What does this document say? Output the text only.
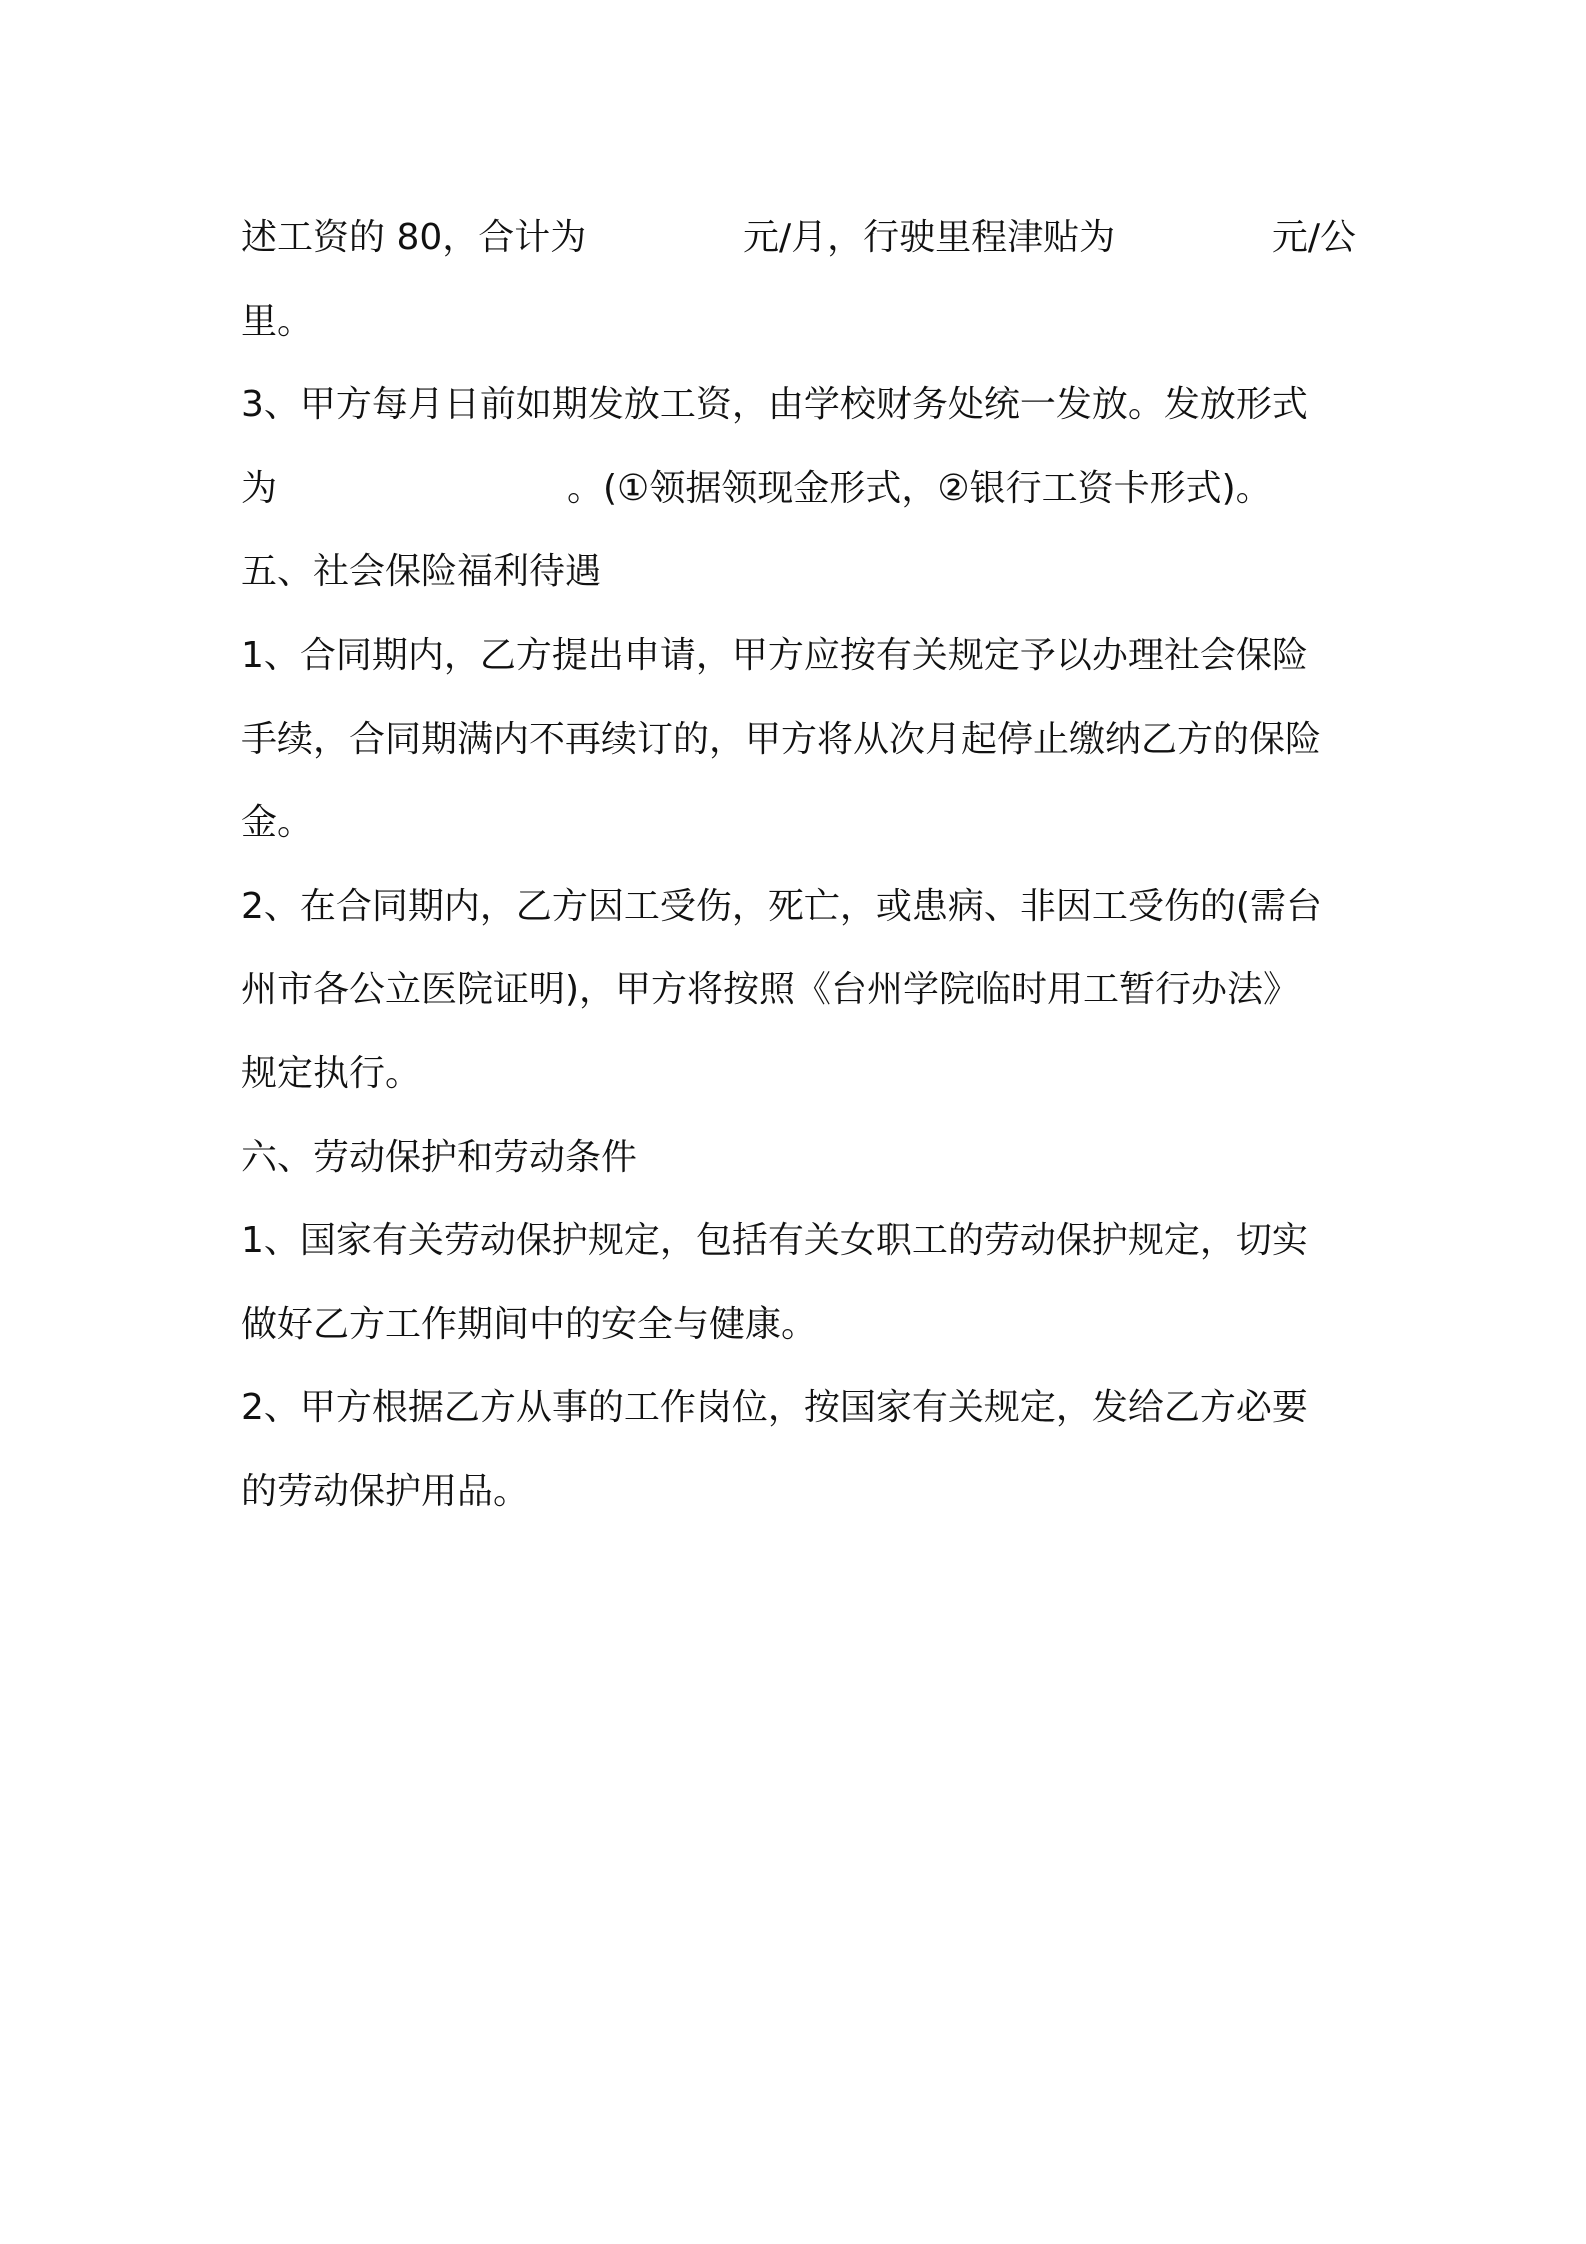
述工资的 80，合计为	元/月，行驶里程津贴为	元/公
里。
3、甲方每月日前如期发放工资，由学校财务处统一发放。发放形式
为	。(①领据领现金形式，②银行工资卡形式)。
五、社会保险福利待遇
1、合同期内，乙方提出申请，甲方应按有关规定予以办理社会保险
手续，合同期满内不再续订的，甲方将从次月起停止缴纳乙方的保险
金。
2、在合同期内，乙方因工受伤，死亡，或患病、非因工受伤的(需台
州市各公立医院证明)，甲方将按照《台州学院临时用工暂行办法》
规定执行。
六、劳动保护和劳动条件
1、国家有关劳动保护规定，包括有关女职工的劳动保护规定，切实
做好乙方工作期间中的安全与健康。
2、甲方根据乙方从事的工作岗位，按国家有关规定，发给乙方必要
的劳动保护用品。
